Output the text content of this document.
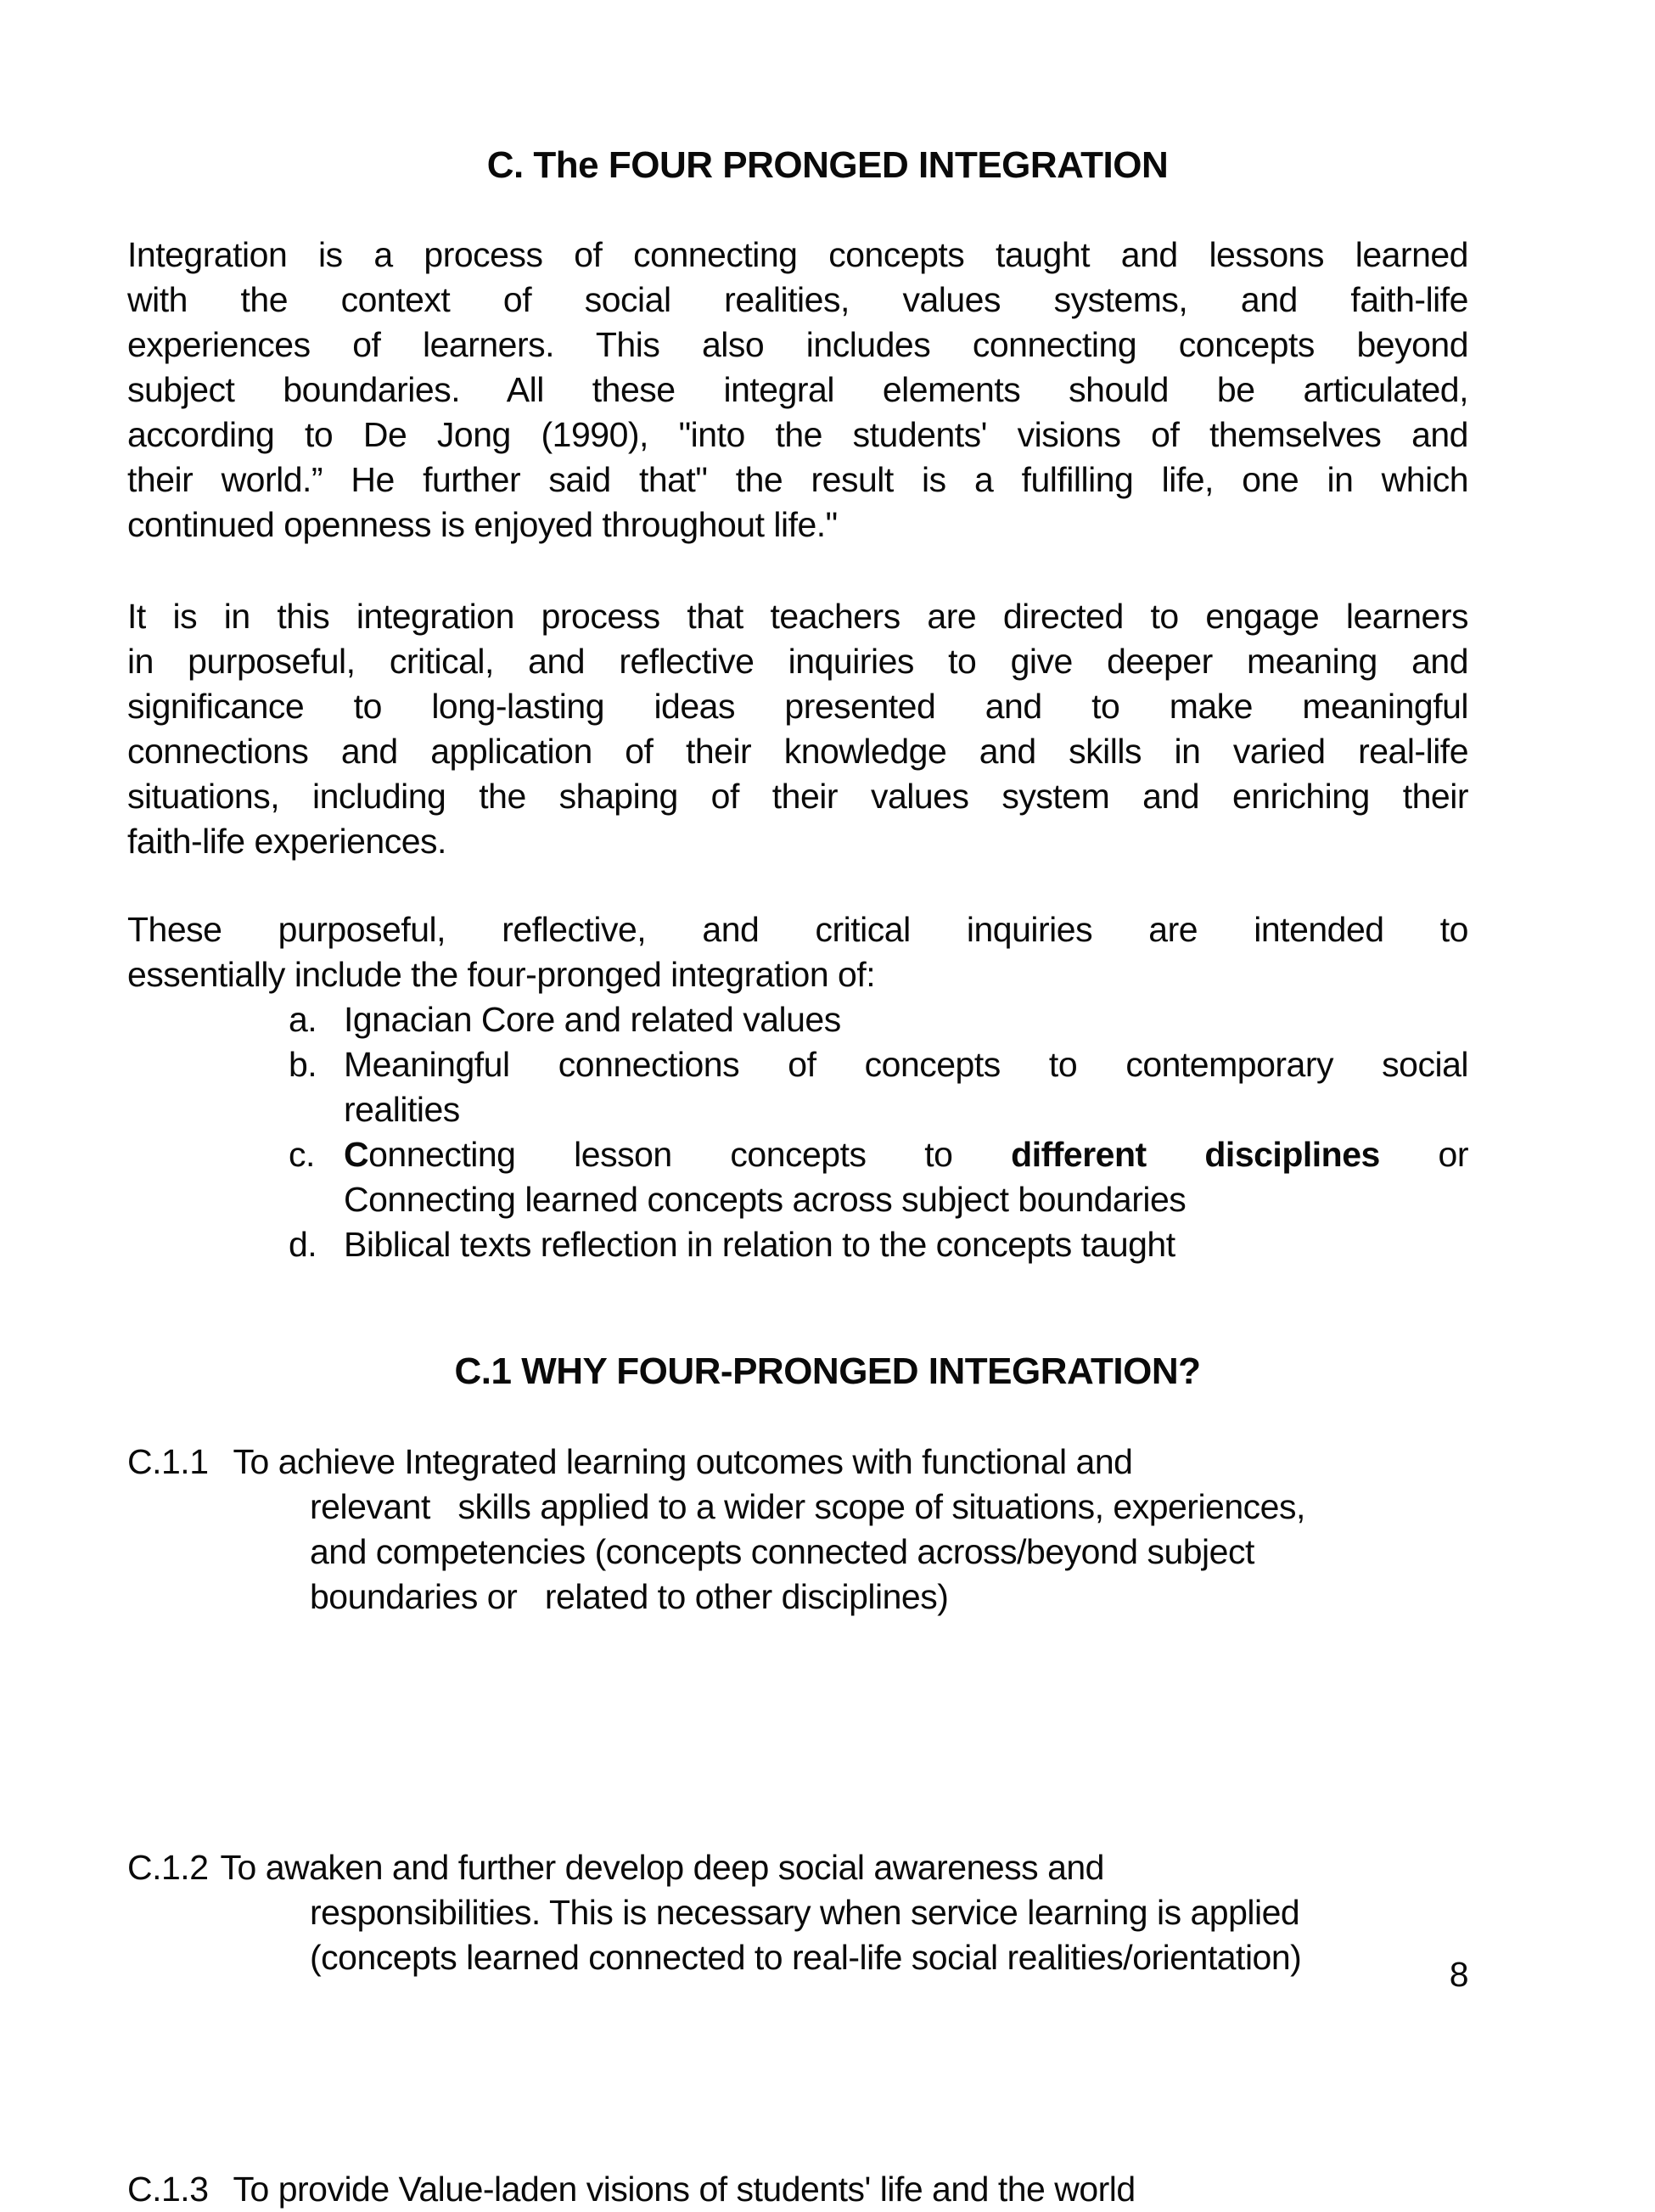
C. The FOUR PRONGED INTEGRATION
Integration is a process of connecting concepts taught and lessons learned
with the context of social realities, values systems, and faith-life
experiences of learners. This also includes connecting concepts beyond
subject boundaries. All these integral elements should be articulated,
according to De Jong (1990), "into the students' visions of themselves and
their world.” He further said that" the result is a fulfilling life, one in which
continued openness is enjoyed throughout life."
It is in this integration process that teachers are directed to engage learners
in purposeful, critical, and reflective inquiries to give deeper meaning and
significance to long-lasting ideas presented and to make meaningful
connections and application of their knowledge and skills in varied real-life
situations, including the shaping of their values system and enriching their
faith-life experiences.
These purposeful, reflective, and critical inquiries are intended to
essentially include the four-pronged integration of:
a. Ignacian Core and related values
b. Meaningful connections of concepts to contemporary social
realities
c. Connecting lesson concepts to different disciplines or
Connecting learned concepts across subject boundaries
d. Biblical texts reflection in relation to the concepts taught
C.1 WHY FOUR-PRONGED INTEGRATION?
C.1.1 To achieve Integrated learning outcomes with functional and
relevant   skills applied to a wider scope of situations, experiences,
and competencies (concepts connected across/beyond subject
boundaries or   related to other disciplines)
C.1.2 To awaken and further develop deep social awareness and
responsibilities. This is necessary when service learning is applied
(concepts learned connected to real-life social realities/orientation)
C.1.3 To provide Value-laden visions of students' life and the world
8
